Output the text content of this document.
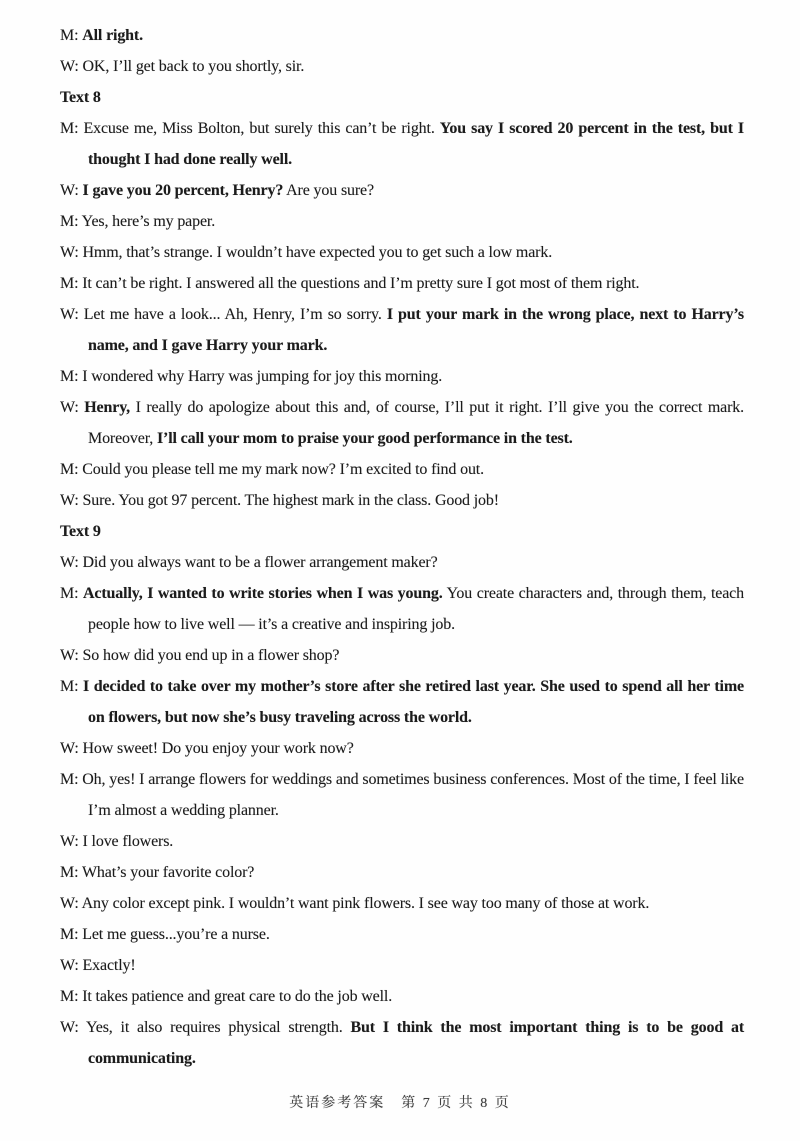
M: All right.

W: OK, I’ll get back to you shortly, sir.

Text 8

M: Excuse me, Miss Bolton, but surely this can’t be right. You say I scored 20 percent in the test, but I thought I had done really well.

W: I gave you 20 percent, Henry? Are you sure?

M: Yes, here’s my paper.

W: Hmm, that’s strange. I wouldn’t have expected you to get such a low mark.

M: It can’t be right. I answered all the questions and I’m pretty sure I got most of them right.

W: Let me have a look... Ah, Henry, I’m so sorry. I put your mark in the wrong place, next to Harry’s name, and I gave Harry your mark.

M: I wondered why Harry was jumping for joy this morning.

W: Henry, I really do apologize about this and, of course, I’ll put it right. I’ll give you the correct mark. Moreover, I’ll call your mom to praise your good performance in the test.

M: Could you please tell me my mark now? I’m excited to find out.

W: Sure. You got 97 percent. The highest mark in the class. Good job!

Text 9

W: Did you always want to be a flower arrangement maker?

M: Actually, I wanted to write stories when I was young. You create characters and, through them, teach people how to live well — it’s a creative and inspiring job.

W: So how did you end up in a flower shop?

M: I decided to take over my mother’s store after she retired last year. She used to spend all her time on flowers, but now she’s busy traveling across the world.

W: How sweet! Do you enjoy your work now?

M: Oh, yes! I arrange flowers for weddings and sometimes business conferences. Most of the time, I feel like I’m almost a wedding planner.

W: I love flowers.

M: What’s your favorite color?

W: Any color except pink. I wouldn’t want pink flowers. I see way too many of those at work.

M: Let me guess...you’re a nurse.

W: Exactly!

M: It takes patience and great care to do the job well.

W: Yes, it also requires physical strength. But I think the most important thing is to be good at communicating.

英语参考答案　第 7 页 共 8 页
